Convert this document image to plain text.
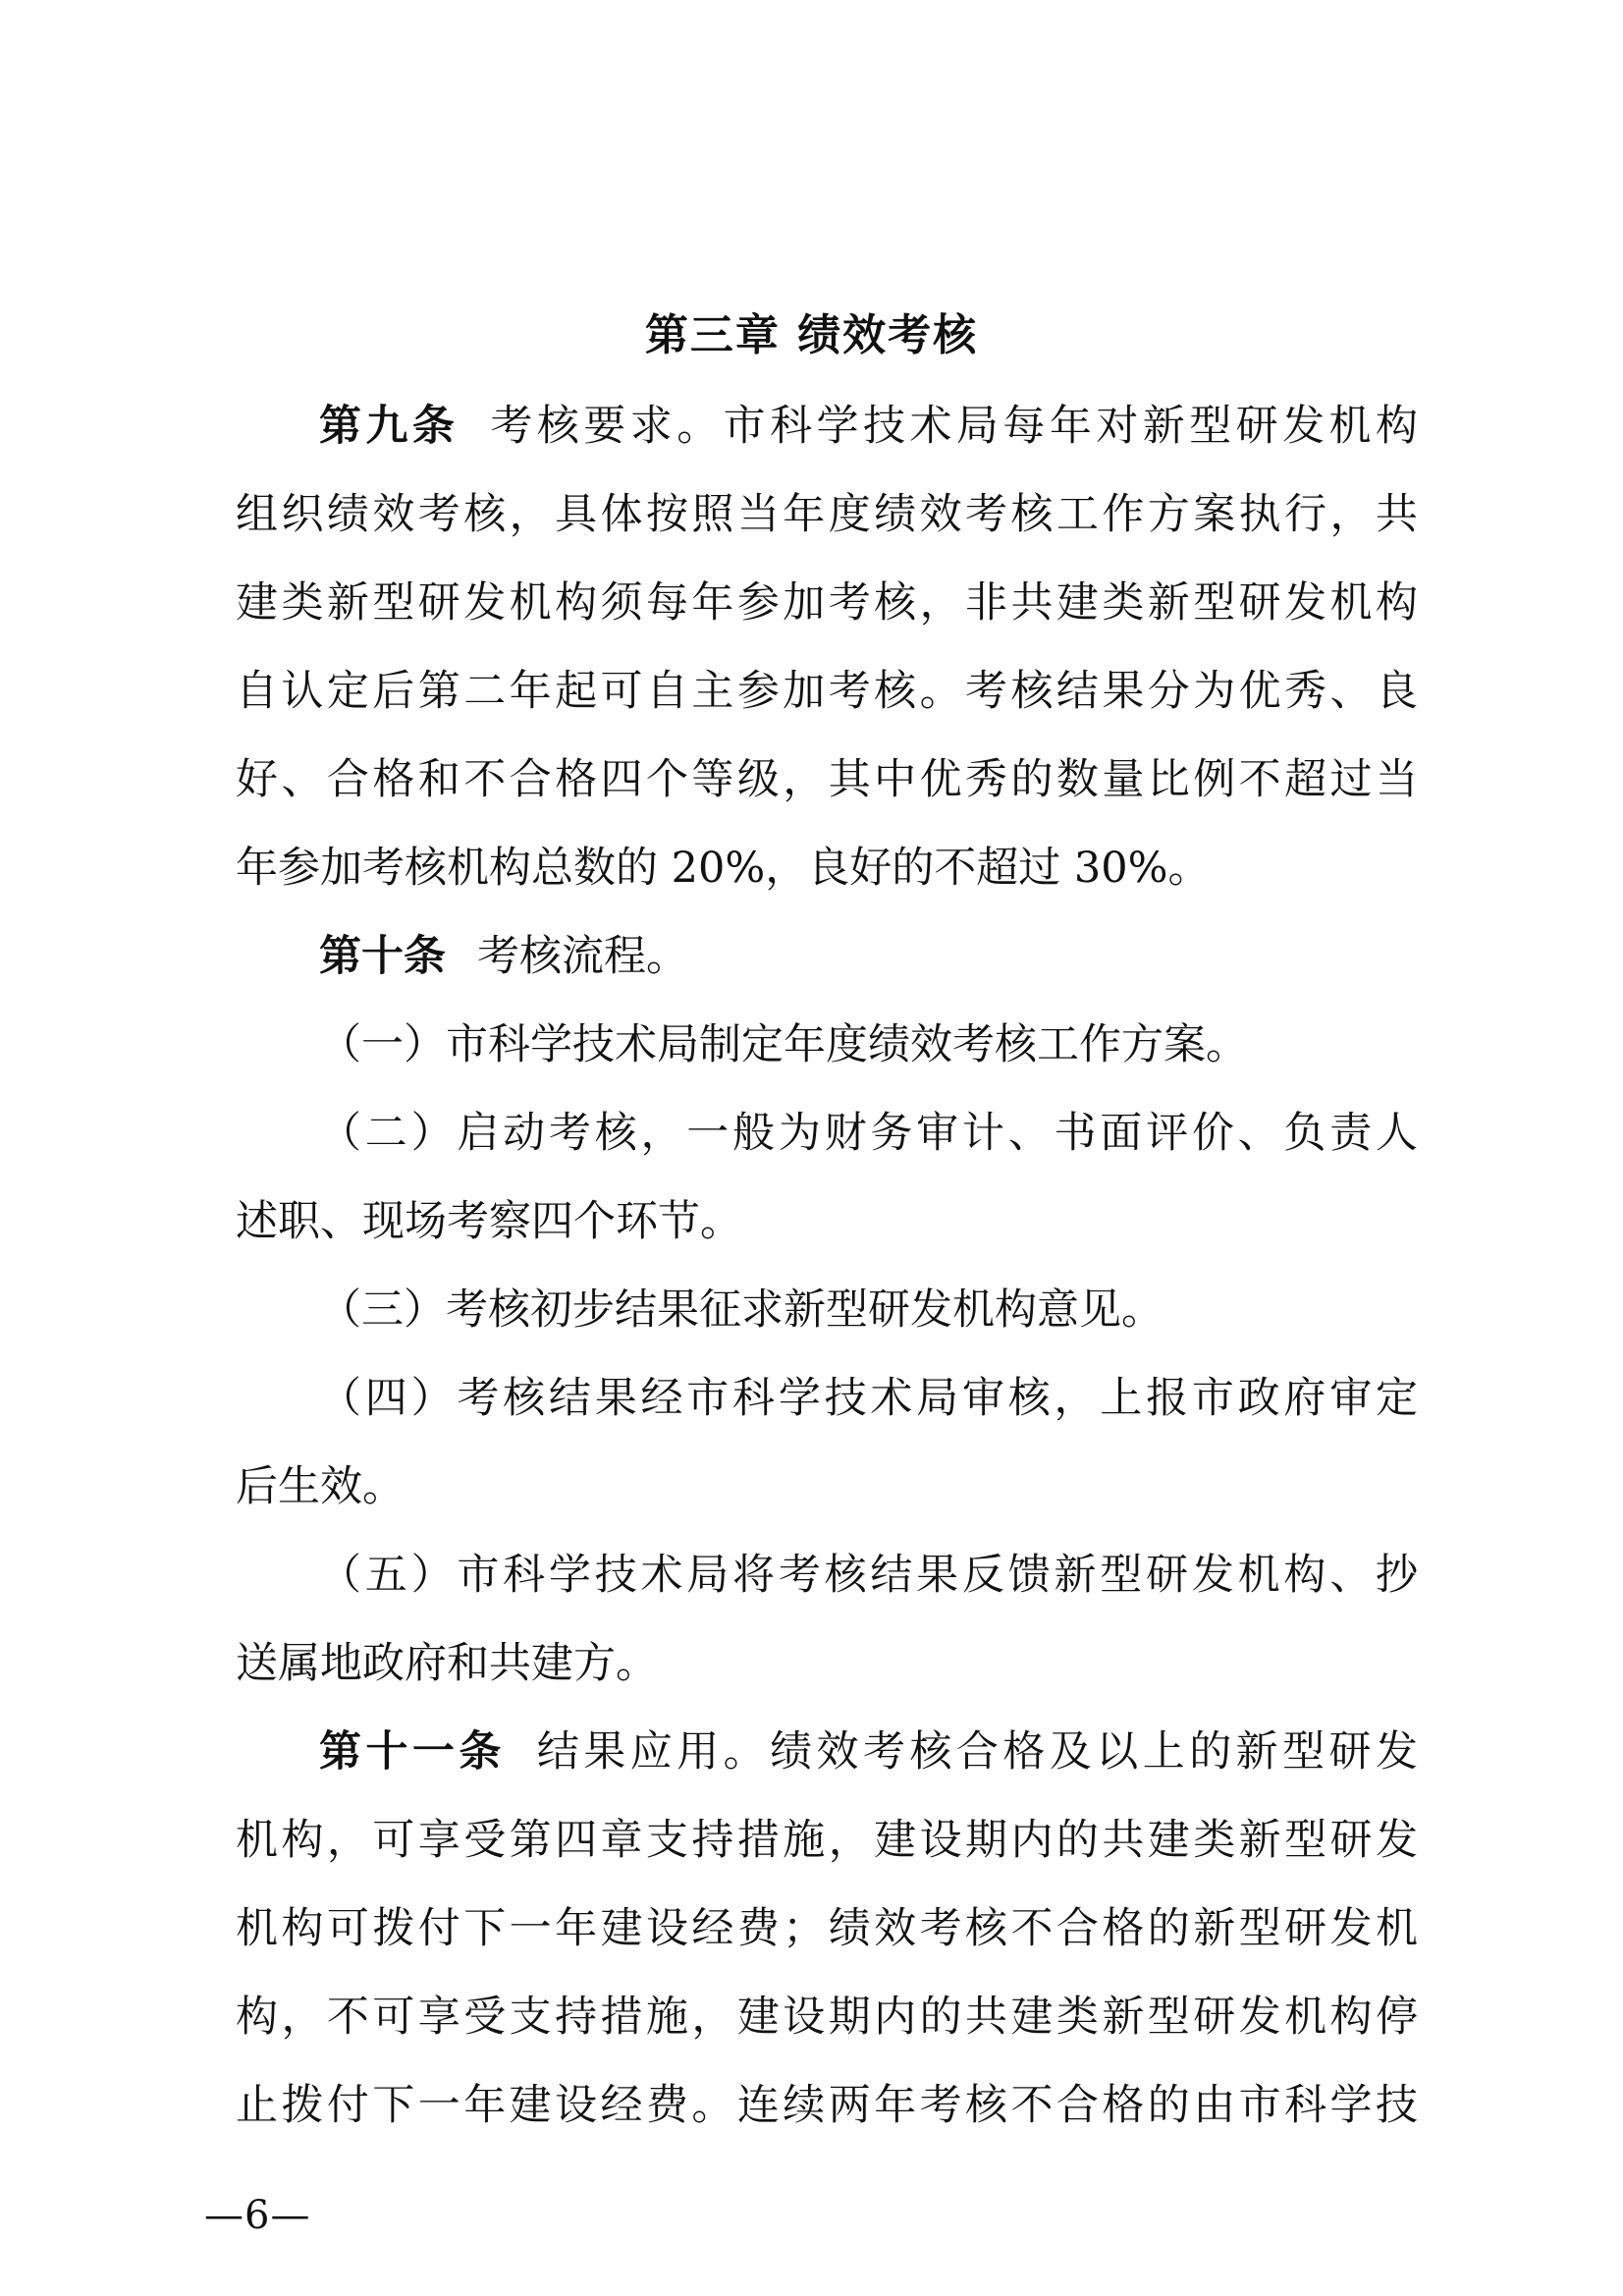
第三章 绩效考核
第九条 考核要求。市科学技术局每年对新型研发机构
组织绩效考核，具体按照当年度绩效考核工作方案执行，共
建类新型研发机构须每年参加考核，非共建类新型研发机构
自认定后第二年起可自主参加考核。考核结果分为优秀、良
好、合格和不合格四个等级，其中优秀的数量比例不超过当
年参加考核机构总数的 20%，良好的不超过 30%。
第十条 考核流程。
（一）市科学技术局制定年度绩效考核工作方案。
（二）启动考核，一般为财务审计、书面评价、负责人
述职、现场考察四个环节。
（三）考核初步结果征求新型研发机构意见。
（四）考核结果经市科学技术局审核，上报市政府审定
后生效。
（五）市科学技术局将考核结果反馈新型研发机构、抄
送属地政府和共建方。
第十一条 结果应用。绩效考核合格及以上的新型研发
机构，可享受第四章支持措施，建设期内的共建类新型研发
机构可拨付下一年建设经费；绩效考核不合格的新型研发机
构，不可享受支持措施，建设期内的共建类新型研发机构停
止拨付下一年建设经费。连续两年考核不合格的由市科学技
—6—
